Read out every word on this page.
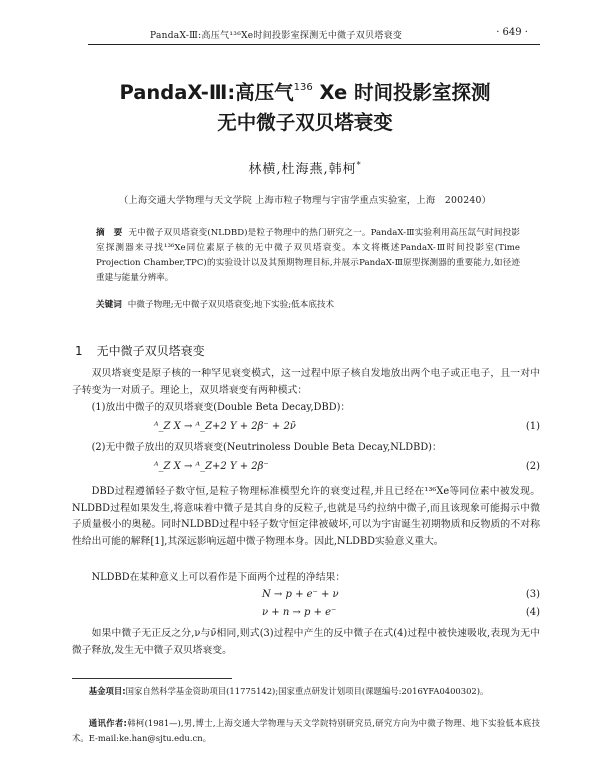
PandaX-Ⅲ:高压气¹³⁶Xe时间投影室探测无中微子双贝塔衰变	· 649 ·
PandaX-Ⅲ:高压气$^{136}$ Xe 时间投影室探测
无中微子双贝塔衰变
林横,杜海燕,韩柯*
（上海交通大学物理与天文学院 上海市粒子物理与宇宙学重点实验室，上海　200240）
摘　要 无中微子双贝塔衰变(NLDBD)是粒子物理中的热门研究之一。PandaX-Ⅲ实验利用高压氙气时间投影室探测器来寻找¹³⁶Xe同位素原子核的无中微子双贝塔衰变。本文将概述PandaX-Ⅲ时间投影室(Time Projection Chamber,TPC)的实验设计以及其预期物理目标,并展示PandaX-Ⅲ原型探测器的重要能力,如径迹重建与能量分辨率。
关键词 中微子物理;无中微子双贝塔衰变;地下实验;低本底技术
1 无中微子双贝塔衰变
双贝塔衰变是原子核的一种罕见衰变模式，这一过程中原子核自发地放出两个电子或正电子，且一对中子转变为一对质子。理论上，双贝塔衰变有两种模式：
(1)放出中微子的双贝塔衰变(Double Beta Decay,DBD)：
ᴬ_Z X → ᴬ_Z+2 Y + 2β⁻ + 2ν̄	(1)
(2)无中微子放出的双贝塔衰变(Neutrinoless Double Beta Decay,NLDBD)：
ᴬ_Z X → ᴬ_Z+2 Y + 2β⁻	(2)
DBD过程遵循轻子数守恒,是粒子物理标准模型允许的衰变过程,并且已经在¹³⁶Xe等同位素中被发现。NLDBD过程如果发生,将意味着中微子是其自身的反粒子,也就是马约拉纳中微子,而且该现象可能揭示中微子质量极小的奥秘。同时NLDBD过程中轻子数守恒定律被破坏,可以为宇宙诞生初期物质和反物质的不对称性给出可能的解释[1],其深远影响远超中微子物理本身。因此,NLDBD实验意义重大。
NLDBD在某种意义上可以看作是下面两个过程的净结果：
N → p + e⁻ + ν	(3)
ν + n → p + e⁻	(4)
如果中微子无正反之分,ν与ν̄相同,则式(3)过程中产生的反中微子在式(4)过程中被快速吸收,表现为无中微子释放,发生无中微子双贝塔衰变。
基金项目:国家自然科学基金资助项目(11775142);国家重点研发计划项目(课题编号:2016YFA0400302)。
通讯作者:韩柯(1981—),男,博士,上海交通大学物理与天文学院特别研究员,研究方向为中微子物理、地下实验低本底技术。E-mail:ke.han@sjtu.edu.cn。
